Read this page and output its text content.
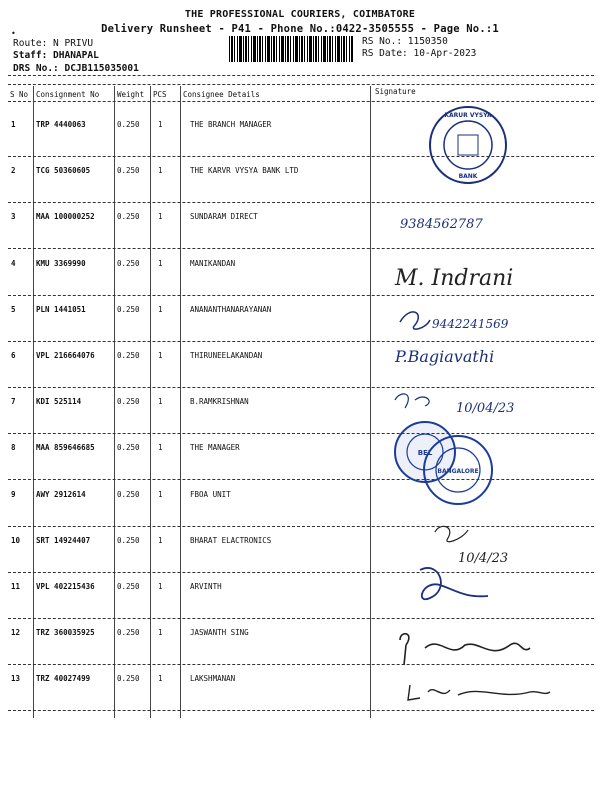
THE PROFESSIONAL COURIERS, COIMBATORE
Delivery Runsheet - P41 - Phone No.:0422-3505555 - Page No.:1
•
Route: N PRIVU
Staff: DHANAPAL
DRS No.: DCJB115035001
RS No.: 1150350
RS Date: 10-Apr-2023
S No Consignment No Weight PCS Consignee Details	Signature
1	TRP 4440063	0.250 1	THE BRANCH MANAGER
2	TCG 50360605	0.250 1	THE KARVR VYSYA BANK LTD
3	MAA 100000252	0.250 1	SUNDARAM DIRECT
4	KMU 3369990	0.250 1	MANIKANDAN
5	PLN 1441051	0.250 1	ANANANTHANARAYANAN
6	VPL 216664076	0.250 1	THIRUNEELAKANDAN
7	KDI 525114	0.250 1	B.RAMKRISHNAN
8	MAA 859646685	0.250 1	THE MANAGER
9	AWY 2912614	0.250 1	FBOA UNIT
10 SRT 14924407	0.250 1	BHARAT ELACTRONICS
11 VPL 402215436	0.250 1	ARVINTH
12 TRZ 360035925	0.250 1	JASWANTH SING
13 TRZ 40027499	0.250 1	LAKSHMANAN
KARUR VYSYA
BANK
9384562787
M. Indrani
9442241569
P.Bagiavathi
10/04/23
BEL
BANGALORE
10/4/23
